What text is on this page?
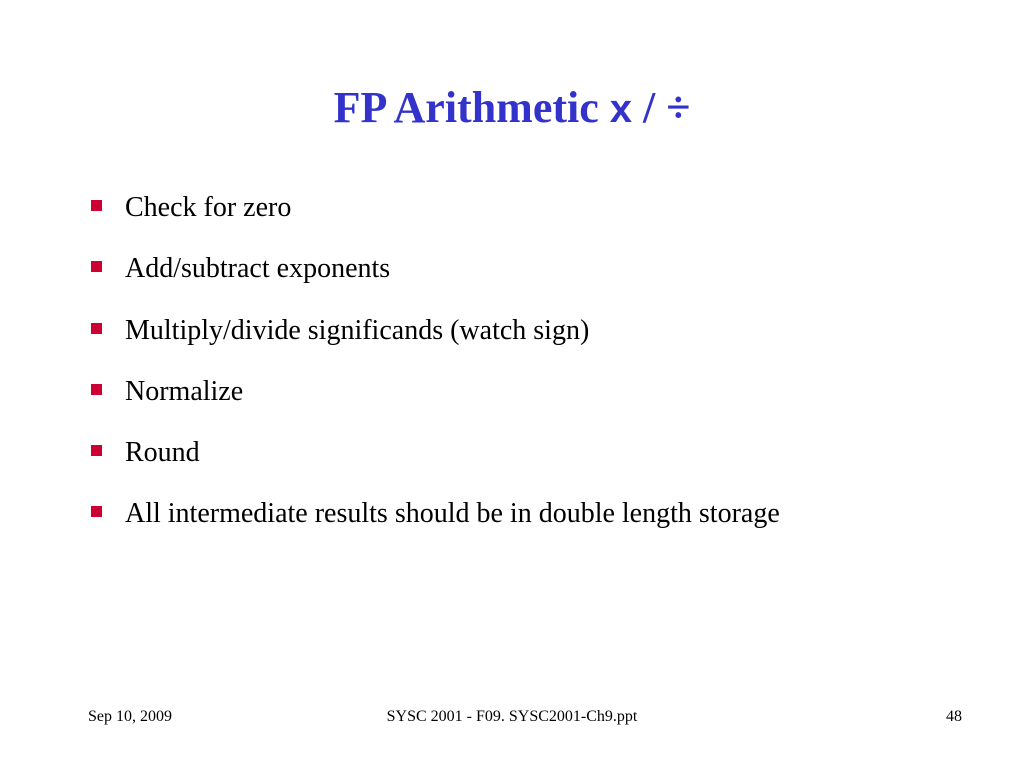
FP Arithmetic x / ÷
Check for zero
Add/subtract exponents
Multiply/divide significands (watch sign)
Normalize
Round
All intermediate results should be in double length storage
Sep 10, 2009	SYSC 2001 - F09. SYSC2001-Ch9.ppt	48
